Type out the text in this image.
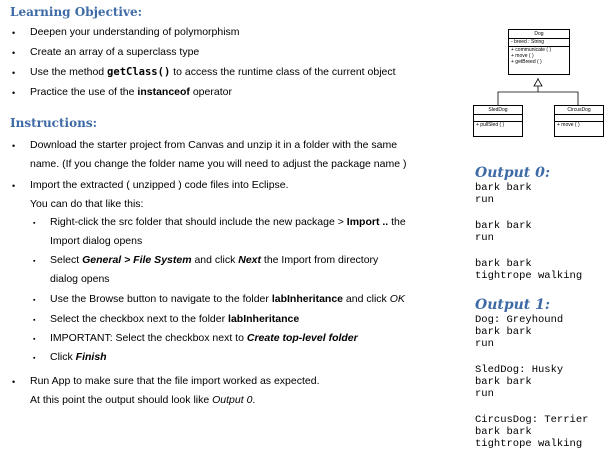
Learning Objective:
• Deepen your understanding of polymorphism
• Create an array of a superclass type
• Use the method getClass() to access the runtime class of the current object
• Practice the use of the instanceof operator
Instructions:
• Download the starter project from Canvas and unzip it in a folder with the same
name. (If you change the folder name you will need to adjust the package name )
• Import the extracted ( unzipped ) code files into Eclipse.
You can do that like this:
▪ Right-click the src folder that should include the new package > Import .. the
Import dialog opens
▪ Select General > File System and click Next the Import from directory
dialog opens
▪ Use the Browse button to navigate to the folder labInheritance and click OK
▪ Select the checkbox next to the folder labInheritance
▪ IMPORTANT: Select the checkbox next to Create top-level folder
▪ Click Finish
• Run App to make sure that the file import worked as expected.
At this point the output should look like Output 0.
Dog
- breed : String
+ communicate ( )
+ move ( )
+ getBreed ( )
SledDog
+ pullSled ( )
CircusDog
+ move ( )
Output 0:
bark bark
run
bark bark
run
bark bark
tightrope walking
Output 1:
Dog: Greyhound
bark bark
run
SledDog: Husky
bark bark
run
CircusDog: Terrier
bark bark
tightrope walking
